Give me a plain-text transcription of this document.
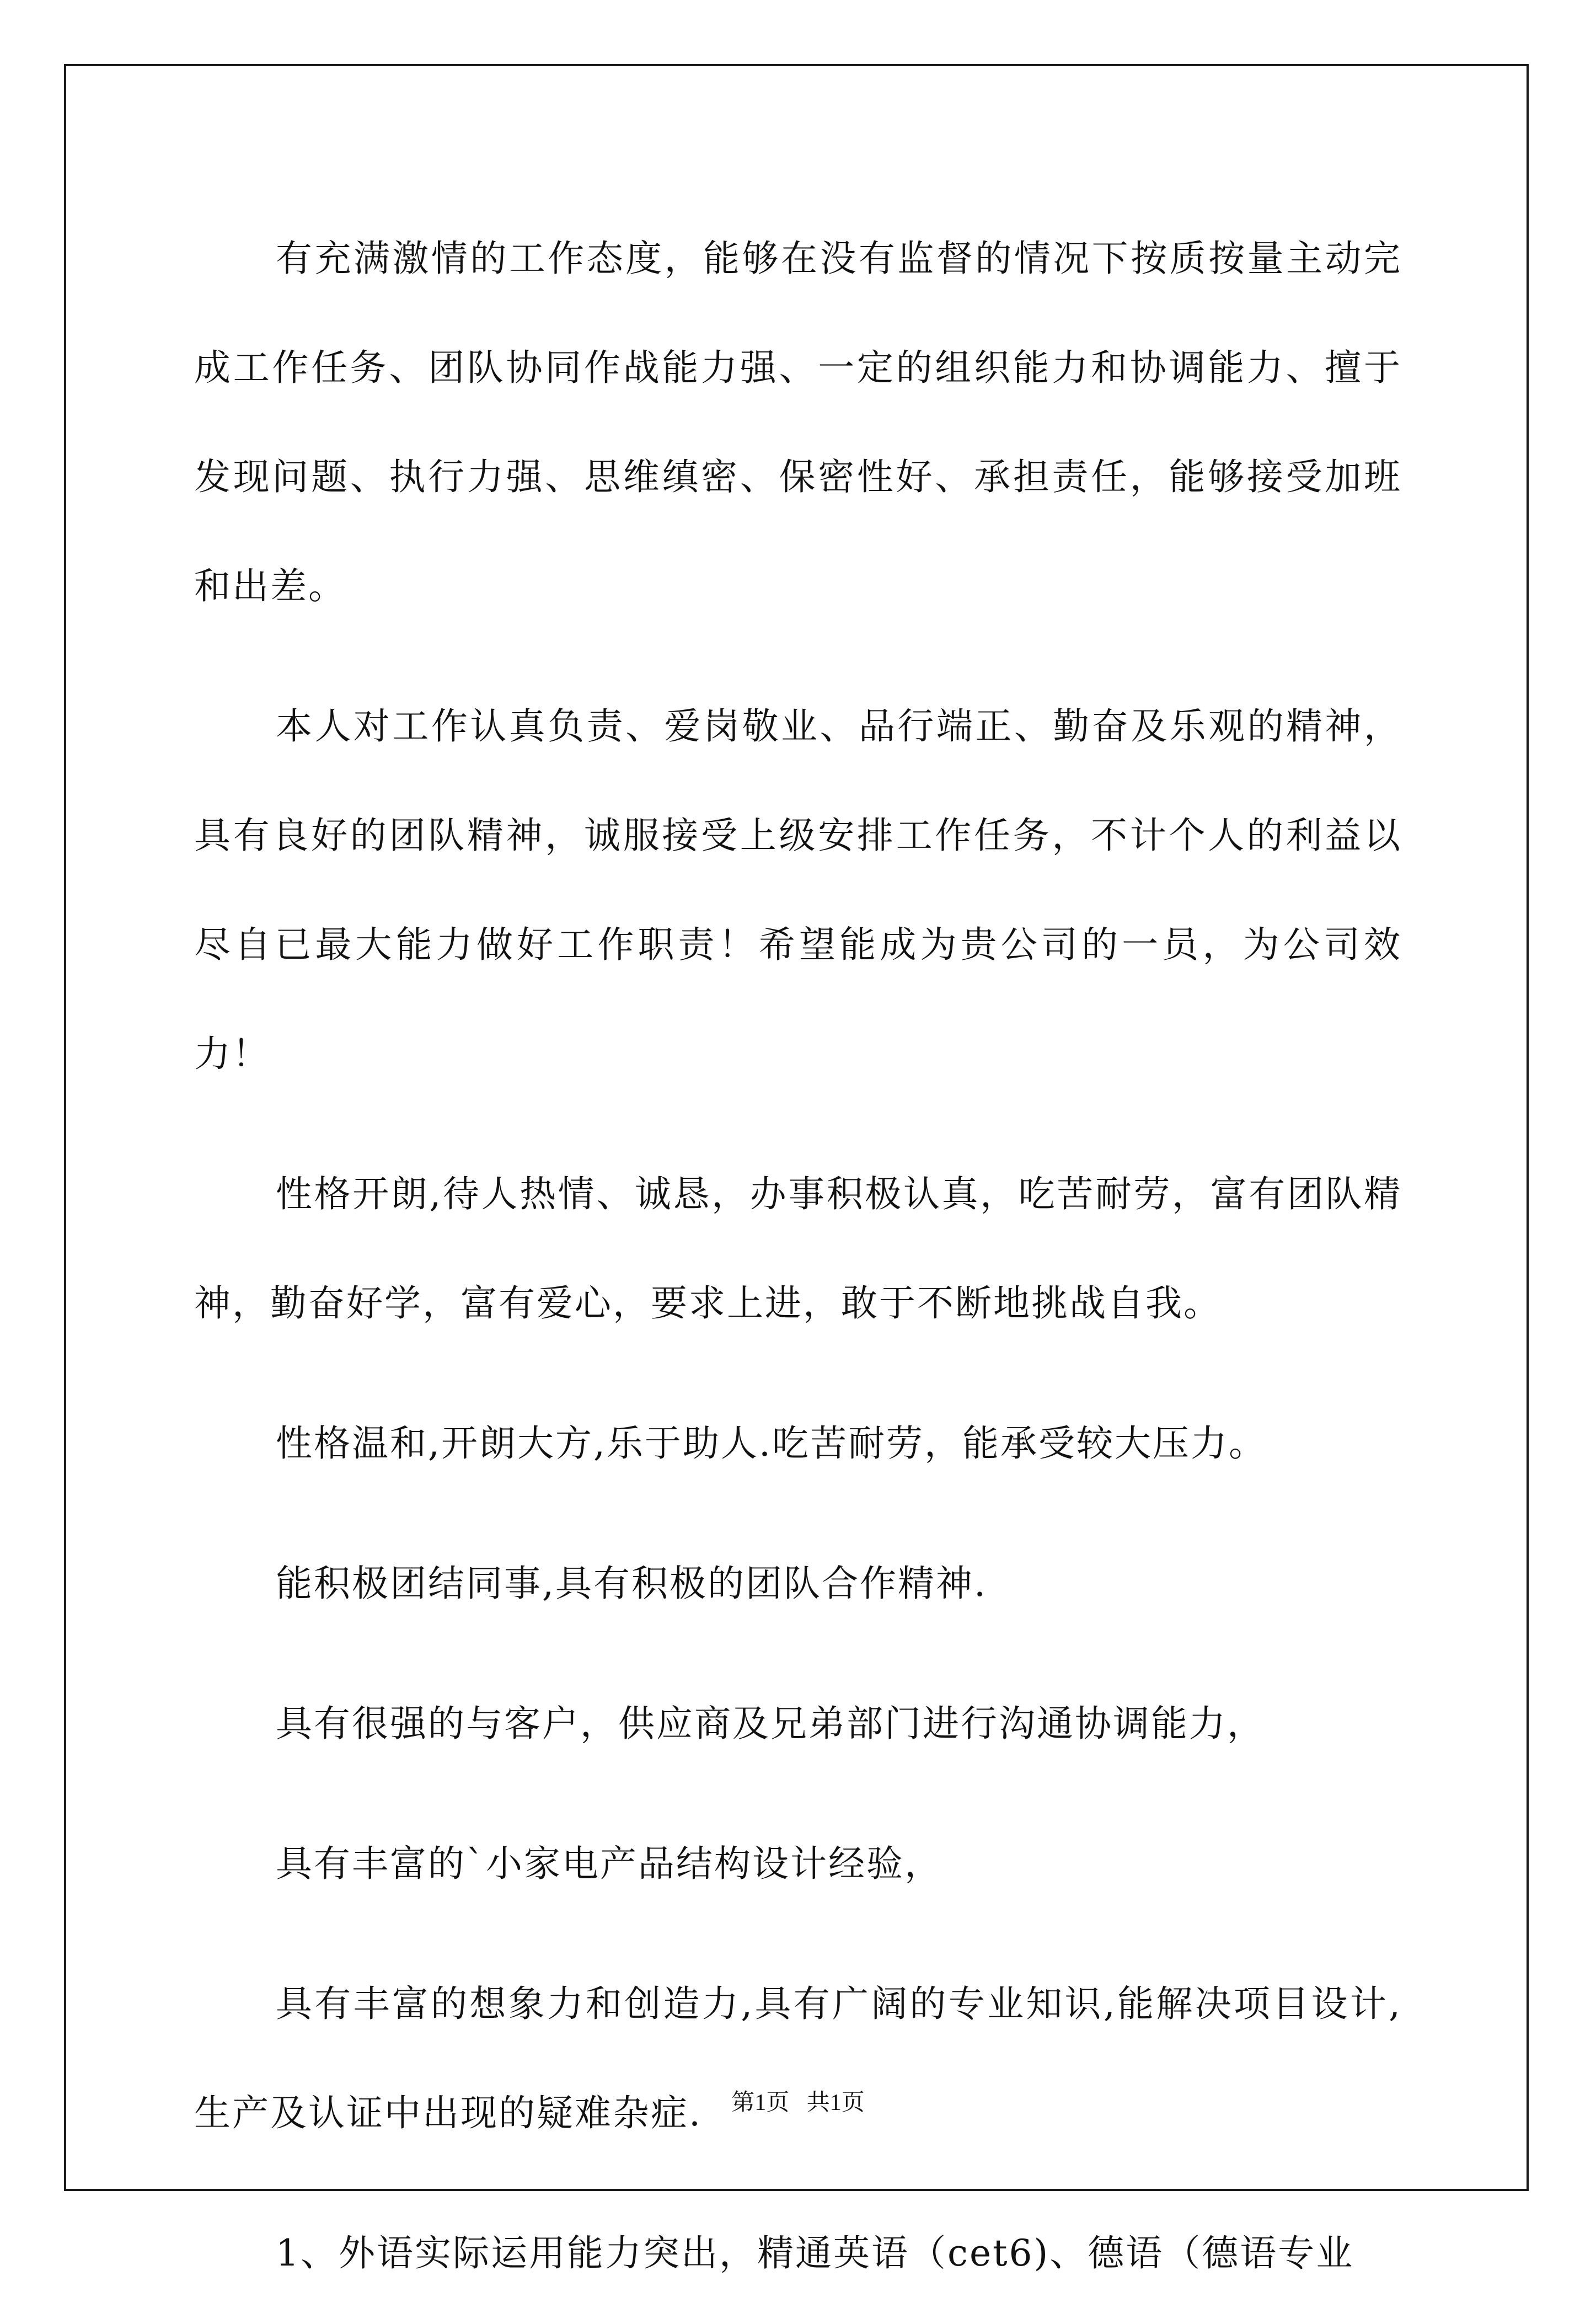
有充满激情的工作态度，能够在没有监督的情况下按质按量主动完成工作任务、团队协同作战能力强、一定的组织能力和协调能力、擅于发现问题、执行力强、思维缜密、保密性好、承担责任，能够接受加班和出差。

本人对工作认真负责、爱岗敬业、品行端正、勤奋及乐观的精神，具有良好的团队精神，诚服接受上级安排工作任务，不计个人的利益以尽自已最大能力做好工作职责！希望能成为贵公司的一员，为公司效力！

性格开朗,待人热情、诚恳，办事积极认真，吃苦耐劳，富有团队精神，勤奋好学，富有爱心，要求上进，敢于不断地挑战自我。

性格温和,开朗大方,乐于助人.吃苦耐劳，能承受较大压力。

能积极团结同事,具有积极的团队合作精神.

具有很强的与客户，供应商及兄弟部门进行沟通协调能力，

具有丰富的`小家电产品结构设计经验，

具有丰富的想象力和创造力,具有广阔的专业知识,能解决项目设计,生产及认证中出现的疑难杂症.

1、外语实际运用能力突出，精通英语（cet6)、德语（德语专业

第1页   共1页
